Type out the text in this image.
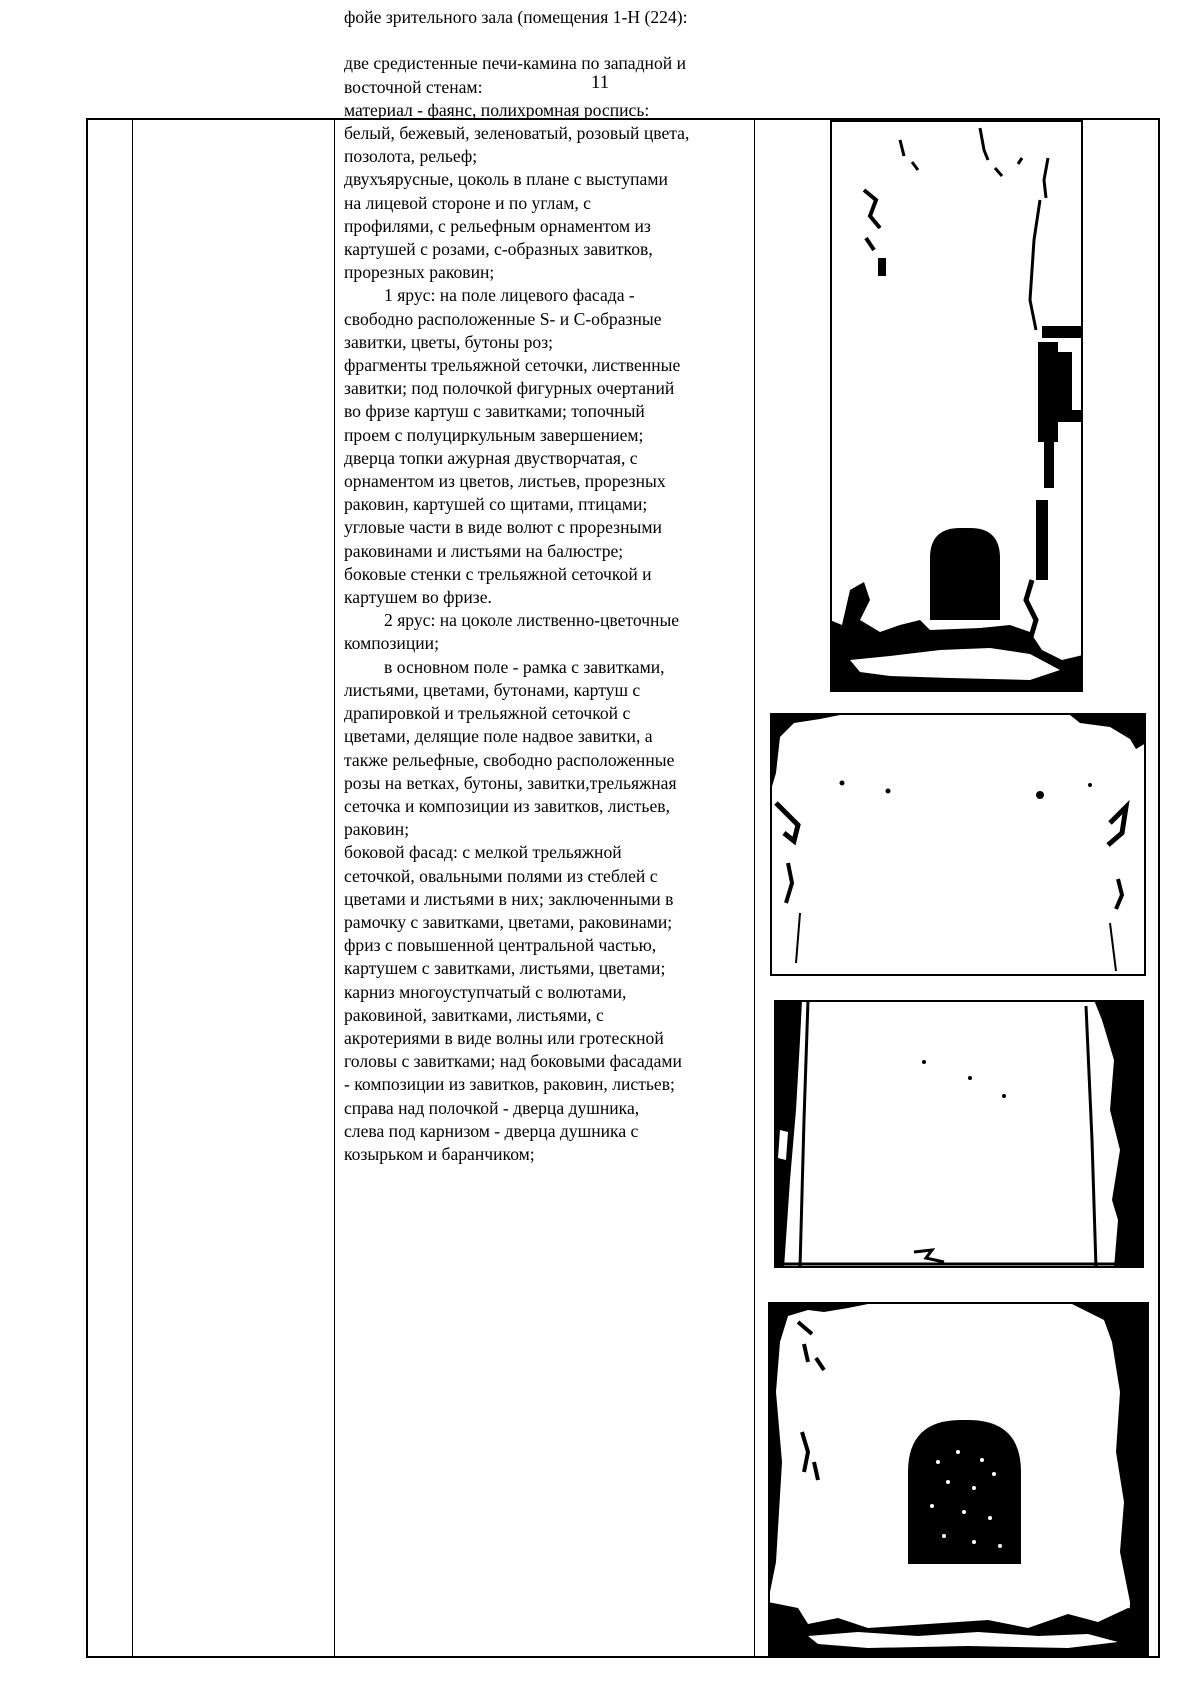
11
фойе зрительного зала (помещения 1-Н (224):

две средистенные печи-камина по западной и
восточной стенам:
материал - фаянс, полихромная роспись:
белый, бежевый, зеленоватый, розовый цвета,
позолота, рельеф;
двухъярусные, цоколь в плане с выступами
на лицевой стороне и по углам, с
профилями, с рельефным орнаментом из
картушей с розами, с-образных завитков,
прорезных раковин;
1 ярус: на поле лицевого фасада -
свободно расположенные S- и С-образные
завитки, цветы, бутоны роз;
фрагменты трельяжной сеточки, лиственные
завитки; под полочкой фигурных очертаний
во фризе картуш с завитками; топочный
проем с полуциркульным завершением;
дверца топки ажурная двустворчатая, с
орнаментом из цветов, листьев, прорезных
раковин, картушей со щитами, птицами;
угловые части в виде волют с прорезными
раковинами и листьями на балюстре;
боковые стенки с трельяжной сеточкой и
картушем во фризе.
2 ярус: на цоколе лиственно-цветочные
композиции;
в основном поле - рамка с завитками,
листьями, цветами, бутонами, картуш с
драпировкой и трельяжной сеточкой с
цветами, делящие поле надвое завитки, а
также рельефные, свободно расположенные
розы на ветках, бутоны, завитки,трельяжная
сеточка и композиции из завитков, листьев,
раковин;
боковой фасад: с мелкой трельяжной
сеточкой, овальными полями из стеблей с
цветами и листьями в них; заключенными в
рамочку с завитками, цветами, раковинами;
фриз с повышенной центральной частью,
картушем с завитками, листьями, цветами;
карниз многоуступчатый с волютами,
раковиной, завитками, листьями, с
акротериями в виде волны или гротескной
головы с завитками; над боковыми фасадами
- композиции из завитков, раковин, листьев;
справа над полочкой - дверца душника,
слева под карнизом - дверца душника с
козырьком и баранчиком;
